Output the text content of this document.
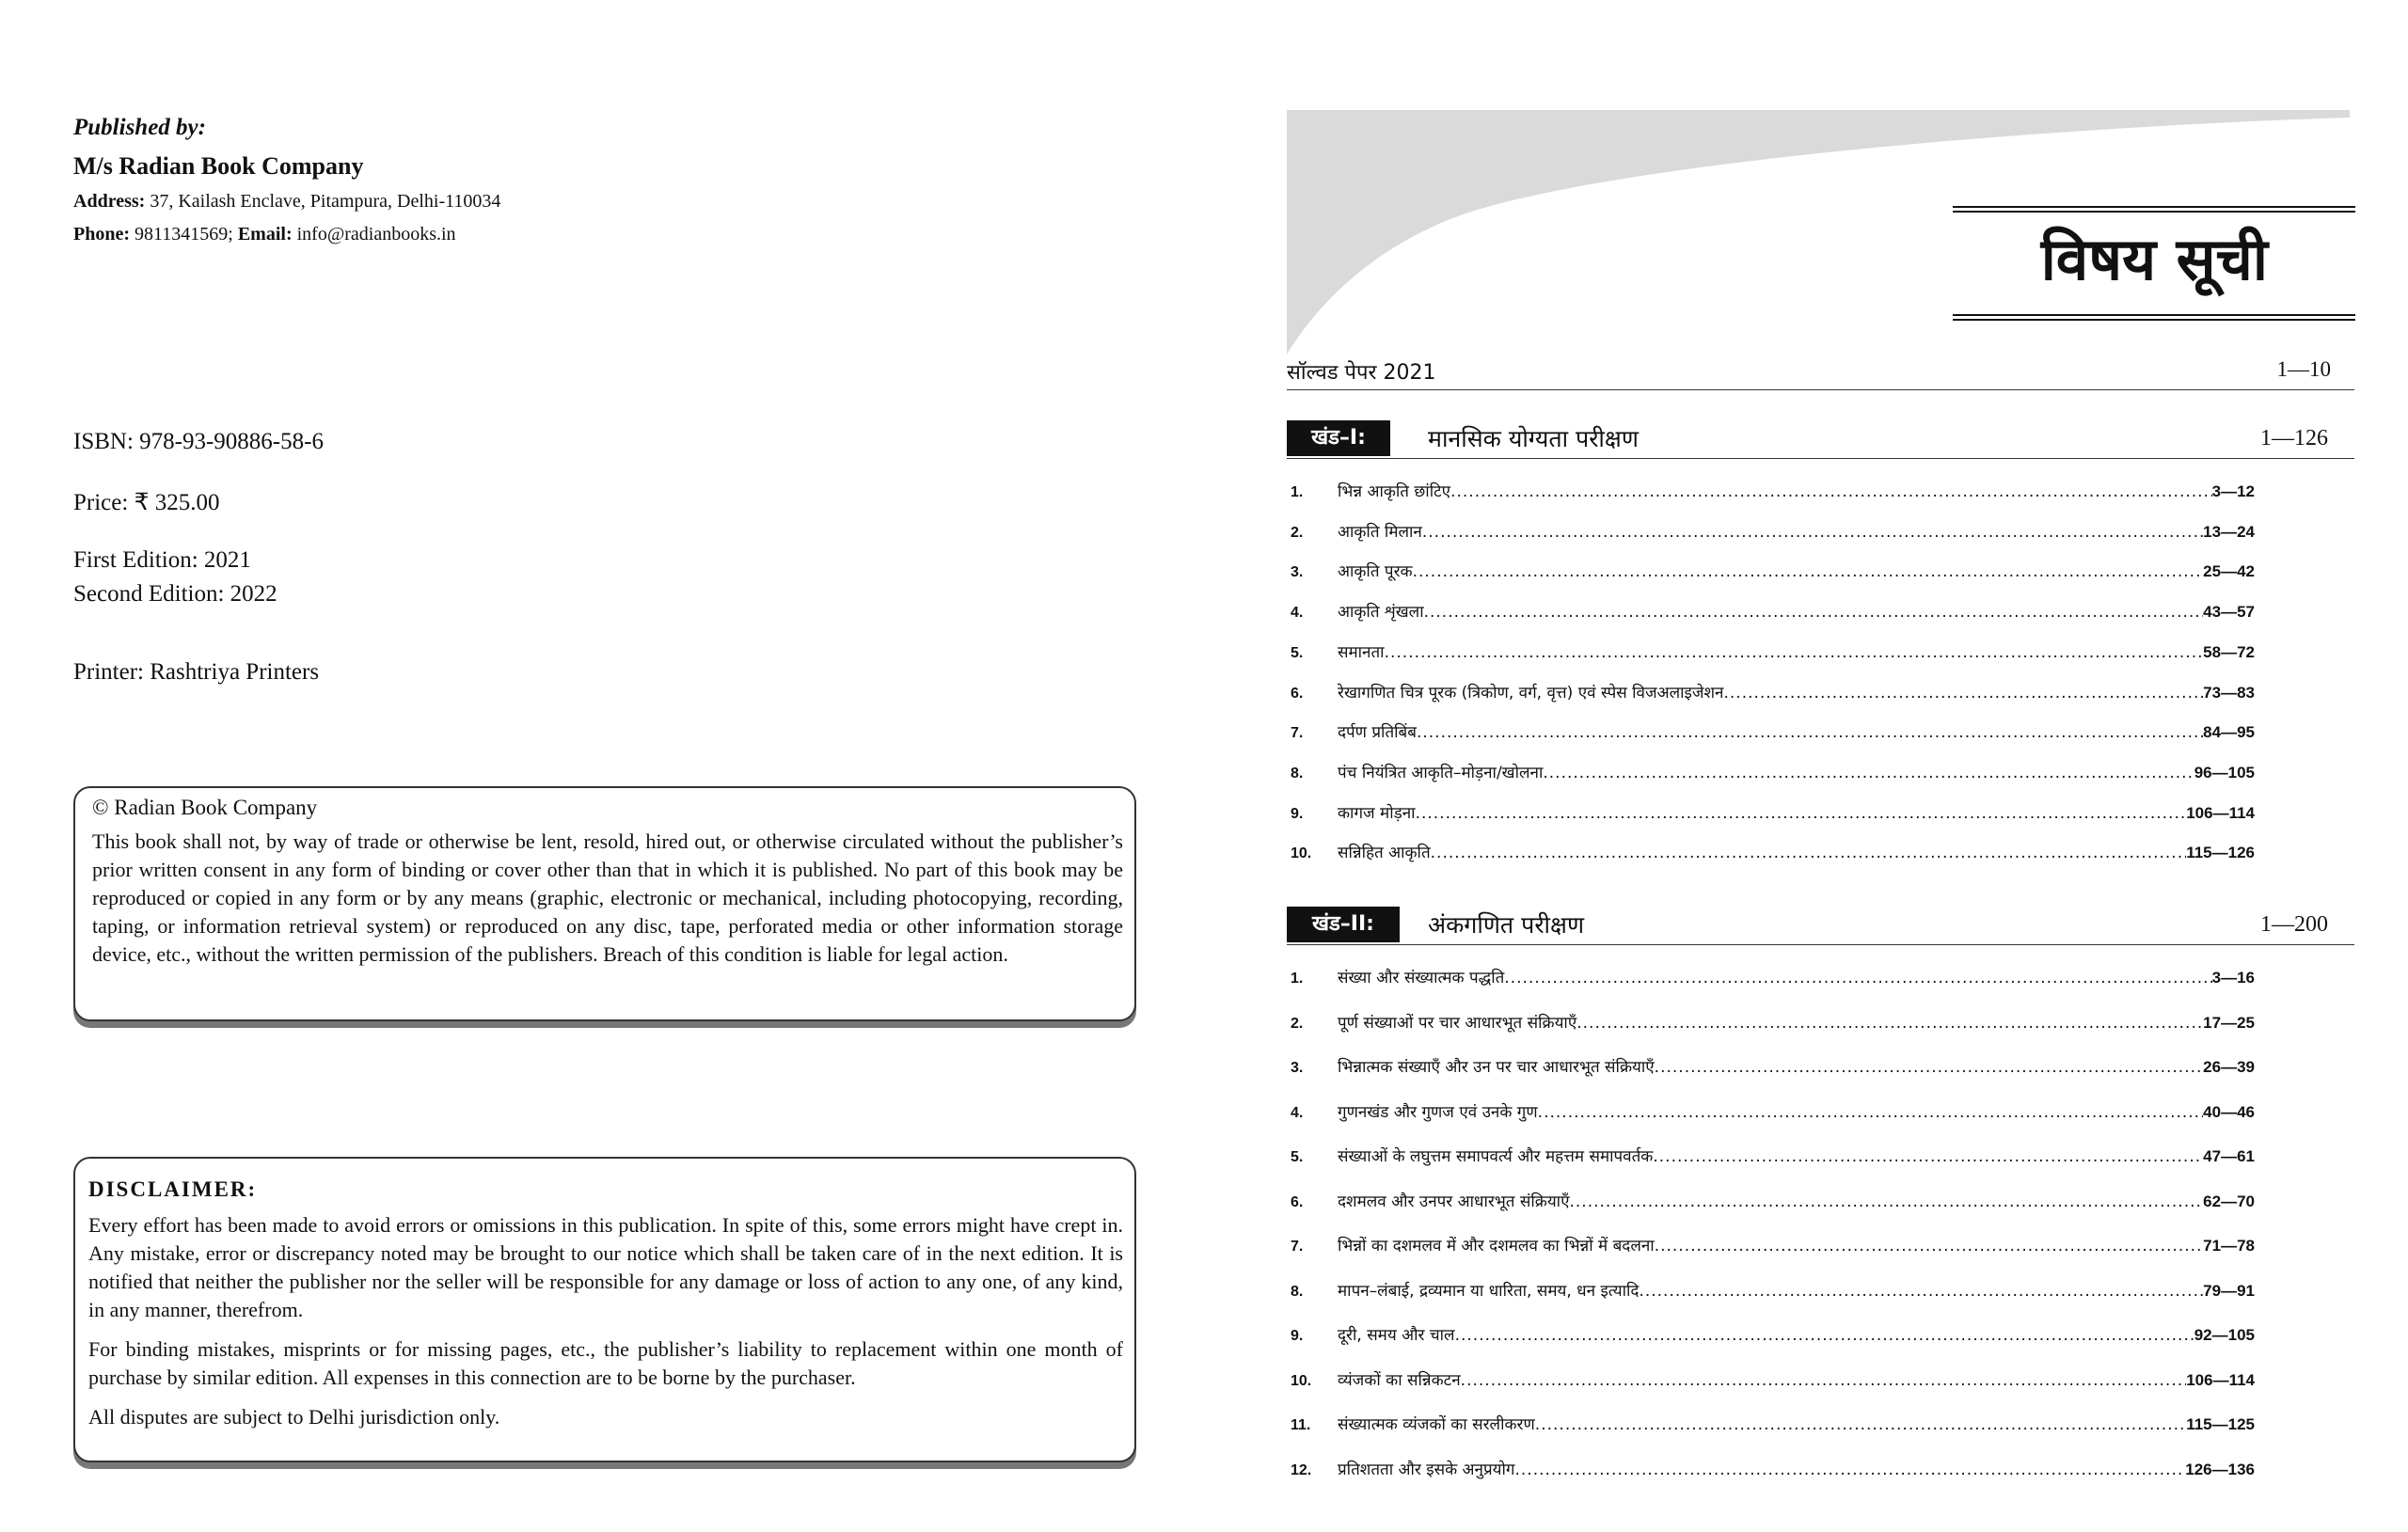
Published by:
M/s Radian Book Company
Address: 37, Kailash Enclave, Pitampura, Delhi-110034
Phone: 9811341569; Email: info@radianbooks.in
ISBN: 978-93-90886-58-6
Price: ₹ 325.00
First Edition: 2021
Second Edition: 2022
Printer: Rashtriya Printers
© Radian Book Company

This book shall not, by way of trade or otherwise be lent, resold, hired out, or otherwise circulated without the publisher’s prior written consent in any form of binding or cover other than that in which it is published. No part of this book may be reproduced or copied in any form or by any means (graphic, electronic or mechanical, including photocopying, recording, taping, or information retrieval system) or reproduced on any disc, tape, perforated media or other information storage device, etc., without the written permission of the publishers. Breach of this condition is liable for legal action.

DISCLAIMER:

Every effort has been made to avoid errors or omissions in this publication. In spite of this, some errors might have crept in. Any mistake, error or discrepancy noted may be brought to our notice which shall be taken care of in the next edition. It is notified that neither the publisher nor the seller will be responsible for any damage or loss of action to any one, of any kind, in any manner, therefrom.

For binding mistakes, misprints or for missing pages, etc., the publisher’s liability to replacement within one month of purchase by similar edition. All expenses in this connection are to be borne by the purchaser.

All disputes are subject to Delhi jurisdiction only.

विषय सूची
सॉल्वड पेपर 2021	1—10
खंड–I:	मानसिक योग्यता परीक्षण	1—126
1.	भिन्न आकृति छांटिए .....	3—12
2.	आकृति मिलान .....	13—24
3.	आकृति पूरक .....	25—42
4.	आकृति शृंखला .....	43—57
5.	समानता .....	58—72
6.	रेखागणित चित्र पूरक (त्रिकोण, वर्ग, वृत्त) एवं स्पेस विजअलाइजेशन .....	73—83
7.	दर्पण प्रतिबिंब .....	84—95
8.	पंच नियंत्रित आकृति–मोड़ना/खोलना .....	96—105
9.	कागज मोड़ना .....	106—114
10.	सन्निहित आकृति .....	115—126
खंड–II:	अंकगणित परीक्षण	1—200
1.	संख्या और संख्यात्मक पद्धति .....	3—16
2.	पूर्ण संख्याओं पर चार आधारभूत संक्रियाएँ .....	17—25
3.	भिन्नात्मक संख्याएँ और उन पर चार आधारभूत संक्रियाएँ .....	26—39
4.	गुणनखंड और गुणज एवं उनके गुण .....	40—46
5.	संख्याओं के लघुत्तम समापवर्त्य और महत्तम समापवर्तक .....	47—61
6.	दशमलव और उनपर आधारभूत संक्रियाएँ .....	62—70
7.	भिन्नों का दशमलव में और दशमलव का भिन्नों में बदलना .....	71—78
8.	मापन–लंबाई, द्रव्यमान या धारिता, समय, धन इत्यादि .....	79—91
9.	दूरी, समय और चाल .....	92—105
10.	व्यंजकों का सन्निकटन .....	106—114
11.	संख्यात्मक व्यंजकों का सरलीकरण .....	115—125
12.	प्रतिशतता और इसके अनुप्रयोग .....	126—136
